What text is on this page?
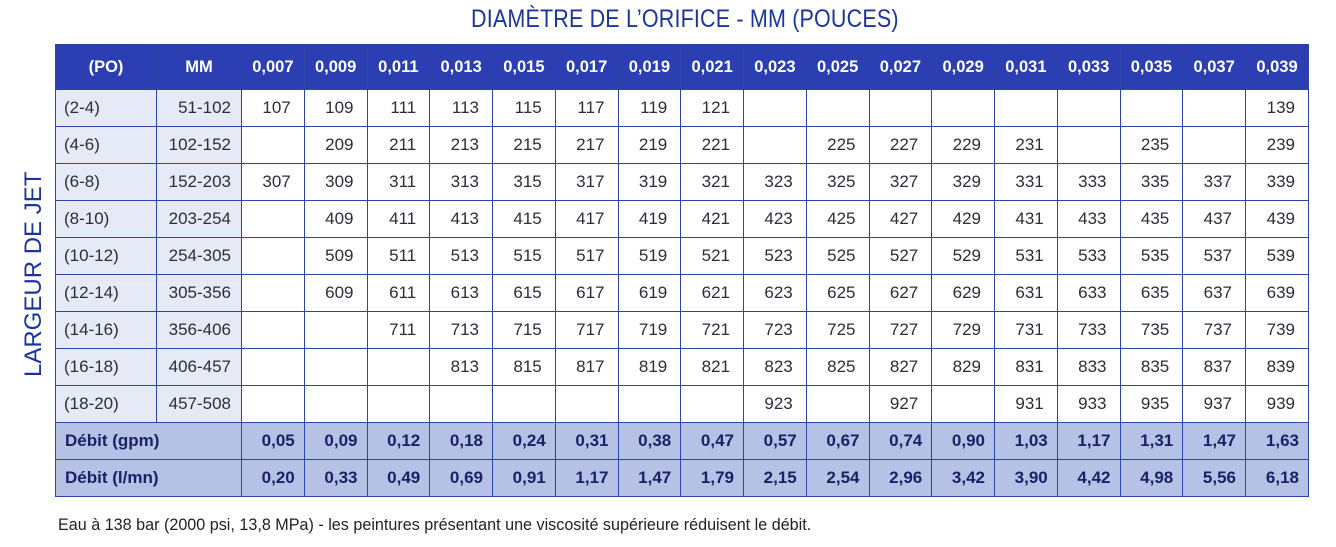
DIAMÈTRE DE L’ORIFICE - MM (POUCES)
LARGEUR DE JET
(PO)	MM	0,007	0,009	0,011	0,013	0,015	0,017	0,019	0,021	0,023	0,025	0,027	0,029	0,031	0,033	0,035	0,037	0,039
(2-4)	51-102	107	109	111	113	115	117	119	121									139
(4-6)	102-152		209	211	213	215	217	219	221		225	227	229	231		235		239
(6-8)	152-203	307	309	311	313	315	317	319	321	323	325	327	329	331	333	335	337	339
(8-10)	203-254		409	411	413	415	417	419	421	423	425	427	429	431	433	435	437	439
(10-12)	254-305		509	511	513	515	517	519	521	523	525	527	529	531	533	535	537	539
(12-14)	305-356		609	611	613	615	617	619	621	623	625	627	629	631	633	635	637	639
(14-16)	356-406			711	713	715	717	719	721	723	725	727	729	731	733	735	737	739
(16-18)	406-457				813	815	817	819	821	823	825	827	829	831	833	835	837	839
(18-20)	457-508									923		927		931	933	935	937	939
Débit (gpm)		0,05	0,09	0,12	0,18	0,24	0,31	0,38	0,47	0,57	0,67	0,74	0,90	1,03	1,17	1,31	1,47	1,63
Débit (l/mn)		0,20	0,33	0,49	0,69	0,91	1,17	1,47	1,79	2,15	2,54	2,96	3,42	3,90	4,42	4,98	5,56	6,18
Eau à 138 bar (2000 psi, 13,8 MPa) - les peintures présentant une viscosité supérieure réduisent le débit.
